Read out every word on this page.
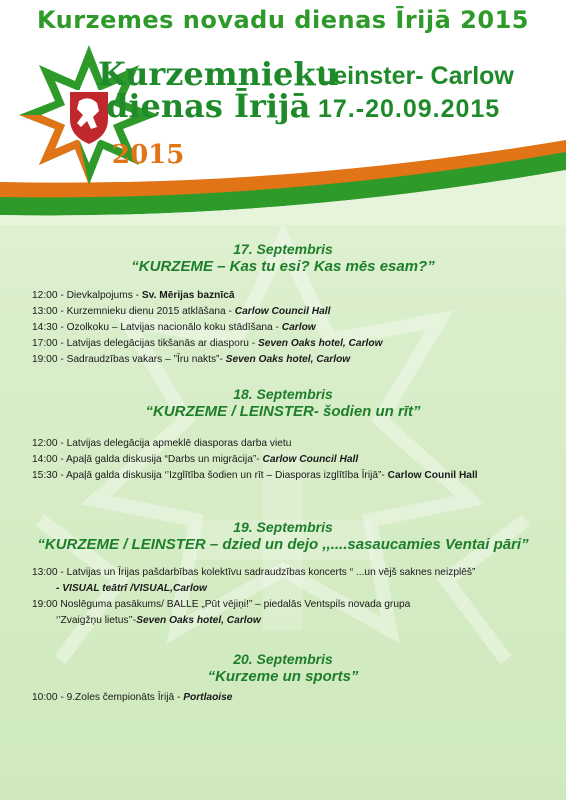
Kurzemes novadu dienas Īrijā 2015
Kurzemnieku
dienas Īrijā
2015
Leinster- Carlow
17.-20.09.2015
17. Septembris
“KURZEME – Kas tu esi? Kas mēs esam?”
12:00 - Dievkalpojums - Sv. Mērijas baznīcā
13:00 - Kurzemnieku dienu 2015 atklāšana - Carlow Council Hall
14:30 - Ozolkoku – Latvijas nacionālo koku stādīšana - Carlow
17:00 - Latvijas delegācijas tikšanās ar diasporu - Seven Oaks hotel, Carlow
19:00 - Sadraudzības vakars – ”Īru nakts”- Seven Oaks hotel, Carlow
18. Septembris
“KURZEME / LEINSTER- šodien un rīt”
12:00 - Latvijas delegācija apmeklē diasporas darba vietu
14:00 - Apaļā galda diskusija “Darbs un migrācija”- Carlow Council Hall
15:30 - Apaļā galda diskusija ‘’Izglītība šodien un rīt – Diasporas izglītība Īrijā”- Carlow Counil Hall
19. Septembris
“KURZEME / LEINSTER – dzied un dejo ,,....sasaucamies Ventai pāri”
13:00 - Latvijas un Īrijas pašdarbības kolektīvu sadraudzības koncerts “ ...un vējš saknes neizplēš”
- VISUAL teātrī /VISUAL,Carlow
19:00 Noslēguma pasākums/ BALLE „Pūt vējiņi!” – piedalās Ventspils novada grupa
‘’Zvaigžņu lietus’’-Seven Oaks hotel, Carlow
20. Septembris
“Kurzeme un sports”
10:00 - 9.Zoles čempionāts Īrijā - Portlaoise
